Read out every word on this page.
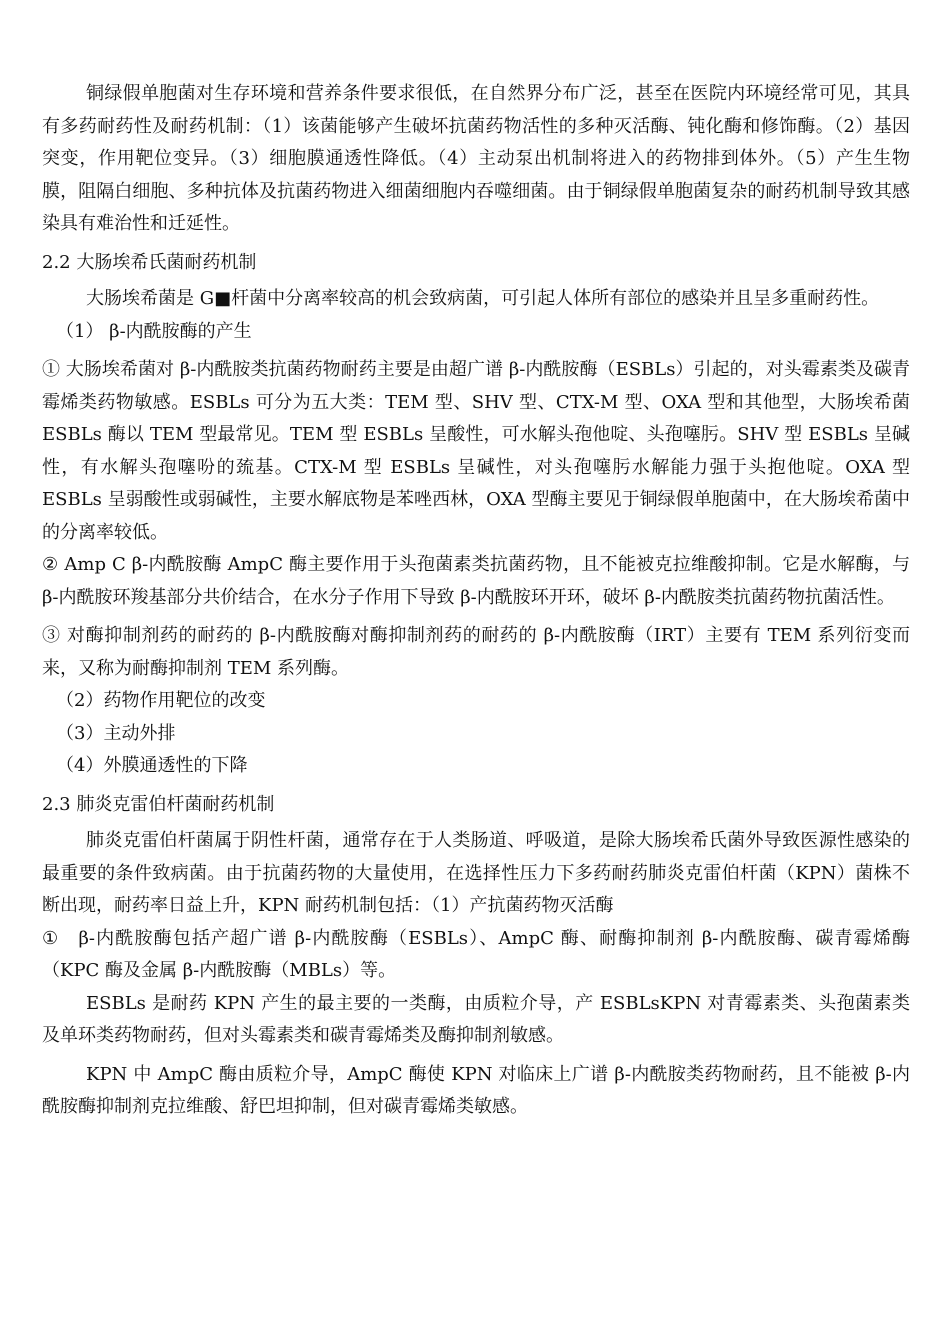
铜绿假单胞菌对生存环境和营养条件要求很低，在自然界分布广泛，甚至在医院内环境经常可见，其具有多药耐药性及耐药机制：（1）该菌能够产生破坏抗菌药物活性的多种灭活酶、钝化酶和修饰酶。（2）基因突变，作用靶位变异。（3）细胞膜通透性降低。（4）主动泵出机制将进入的药物排到体外。（5）产生生物膜，阻隔白细胞、多种抗体及抗菌药物进入细菌细胞内吞噬细菌。由于铜绿假单胞菌复杂的耐药机制导致其感染具有难治性和迁延性。

2.2 大肠埃希氏菌耐药机制

大肠埃希菌是 G■杆菌中分离率较高的机会致病菌，可引起人体所有部位的感染并且呈多重耐药性。

（1） β-内酰胺酶的产生

① 大肠埃希菌对 β-内酰胺类抗菌药物耐药主要是由超广谱 β-内酰胺酶（ESBLs）引起的，对头霉素类及碳青霉烯类药物敏感。ESBLs 可分为五大类：TEM 型、SHV 型、CTX-M 型、OXA 型和其他型，大肠埃希菌 ESBLs 酶以 TEM 型最常见。TEM 型 ESBLs 呈酸性，可水解头孢他啶、头孢噻肟。SHV 型 ESBLs 呈碱性，有水解头孢噻吩的巯基。CTX-M 型 ESBLs 呈碱性，对头孢噻肟水解能力强于头抱他啶。OXA 型 ESBLs 呈弱酸性或弱碱性，主要水解底物是苯唑西林，OXA 型酶主要见于铜绿假单胞菌中，在大肠埃希菌中的分离率较低。

② Amp C β-内酰胺酶 AmpC 酶主要作用于头孢菌素类抗菌药物，且不能被克拉维酸抑制。它是水解酶，与 β-内酰胺环羧基部分共价结合，在水分子作用下导致 β-内酰胺环开环，破坏 β-内酰胺类抗菌药物抗菌活性。

③ 对酶抑制剂药的耐药的 β-内酰胺酶对酶抑制剂药的耐药的 β-内酰胺酶（IRT）主要有 TEM 系列衍变而来，又称为耐酶抑制剂 TEM 系列酶。

（2）药物作用靶位的改变

（3）主动外排

（4）外膜通透性的下降

2.3 肺炎克雷伯杆菌耐药机制

肺炎克雷伯杆菌属于阴性杆菌，通常存在于人类肠道、呼吸道，是除大肠埃希氏菌外导致医源性感染的最重要的条件致病菌。由于抗菌药物的大量使用，在选择性压力下多药耐药肺炎克雷伯杆菌（KPN）菌株不断出现，耐药率日益上升，KPN 耐药机制包括：（1）产抗菌药物灭活酶

①　β-内酰胺酶包括产超广谱 β-内酰胺酶（ESBLs）、AmpC 酶、耐酶抑制剂 β-内酰胺酶、碳青霉烯酶（KPC 酶及金属 β-内酰胺酶（MBLs）等。

ESBLs 是耐药 KPN 产生的最主要的一类酶，由质粒介导，产 ESBLsKPN 对青霉素类、头孢菌素类及单环类药物耐药，但对头霉素类和碳青霉烯类及酶抑制剂敏感。

KPN 中 AmpC 酶由质粒介导，AmpC 酶使 KPN 对临床上广谱 β-内酰胺类药物耐药，且不能被 β-内酰胺酶抑制剂克拉维酸、舒巴坦抑制，但对碳青霉烯类敏感。
